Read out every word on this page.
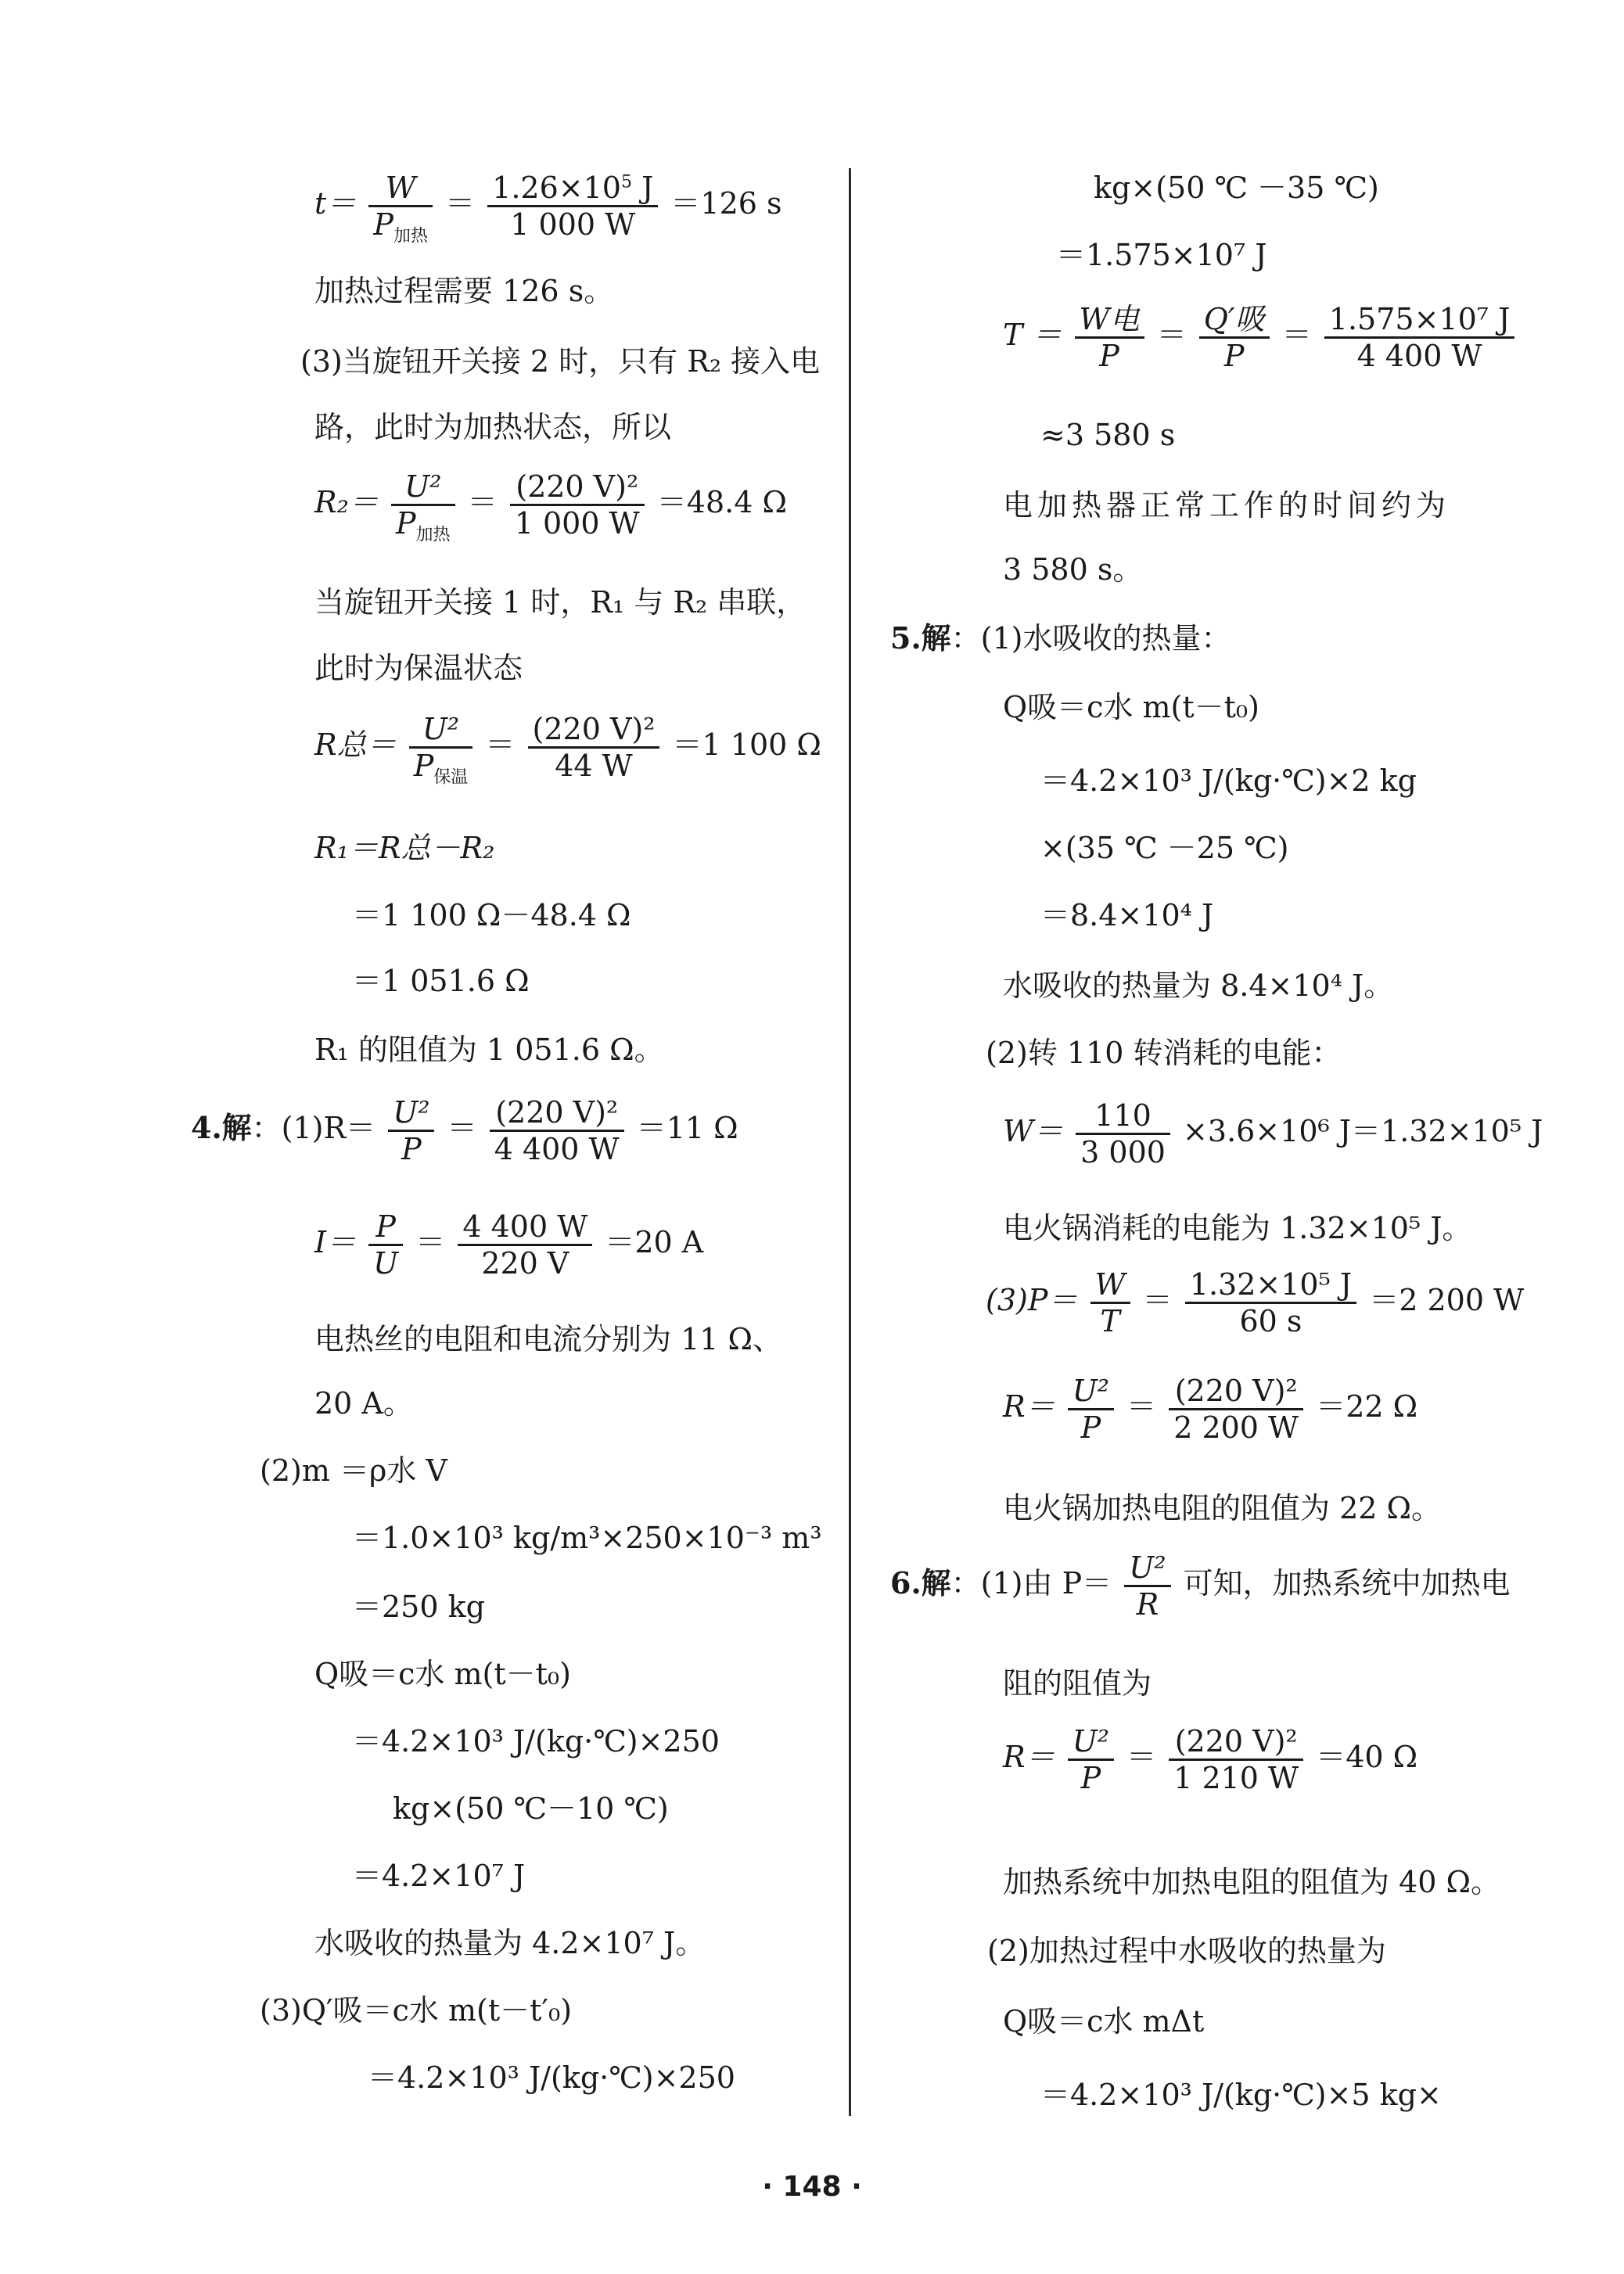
$t= \frac{W}{P_{加热}} = \frac{1.26\times 10^5 J}{1 000 W} =126$ s
加热过程需要 126 s。
(3)当旋钮开关接 2 时，只有 R₂ 接入电
路，此时为加热状态，所以
$R_2= \frac{\text{U²}}{P_{加热}} = \frac{\text{(220 V)²}}{1 000 W} =48.4$ Ω
当旋钮开关接 1 时，R₁ 与 R₂ 串联，
此时为保温状态
R总＝ $\frac{\text{U²}}{P_{保温}} = \frac{\text{(220 V)²}}{44 W} =1$ 100 Ω
R₁＝R总－R₂
＝1 100 Ω－48.4 Ω
＝1 051.6 Ω
R₁ 的阻值为 1 051.6 Ω。
4.解：$(1)R= \frac{\text{U²}}{P} = \frac{\text{(220 V)²}}{4 400 W} =11$ Ω
$I= \frac{P}{U} = \frac{4 400 W}{220 V} =20$ A
电热丝的电阻和电流分别为 11 Ω、
20 A。
(2)m ＝ρ水 V
＝1.0×10³ kg/m³×250×10⁻³ m³
＝250 kg
Q吸＝c水 m(t－t₀)
＝4.2×10³ J/(kg·℃)×250
kg×(50 ℃－10 ℃)
＝4.2×10⁷ J
水吸收的热量为 4.2×10⁷ J。
(3)Q′吸＝c水 m(t－t′₀)
＝4.2×10³ J/(kg·℃)×250
kg×(50 ℃ －35 ℃)
＝1.575×10⁷ J
$T = \frac{\text{W电}}{P} = \frac{\text{Q′吸}}{P} = \frac{\text{1.575×10⁷ J}}{4 400 W}$
≈3 580 s
电加热器正常工作的时间约为
3 580 s。
5.解：(1)水吸收的热量：
Q吸＝c水 m(t－t₀)
＝4.2×10³ J/(kg·℃)×2 kg
×(35 ℃ －25 ℃)
＝8.4×10⁴ J
水吸收的热量为 8.4×10⁴ J。
(2)转 110 转消耗的电能：
$W= \frac{110}{3 000} \times 3.6\times 10^6$ J＝1.32×10⁵ J
电火锅消耗的电能为 1.32×10⁵ J。
$(3)P= \frac{W}{T} = \frac{\text{1.32×10⁵ J}}{60 s} =2$ 200 W
$R= \frac{\text{U²}}{P} = \frac{\text{(220 V)²}}{2 200 W} =22$ Ω
电火锅加热电阻的阻值为 22 Ω。
6.解：(1)由 $P= \frac{\text{U²}}{R}$ 可知，加热系统中加热电
阻的阻值为
$R= \frac{\text{U²}}{P} = \frac{\text{(220 V)²}}{1 210 W} =40$ Ω
加热系统中加热电阻的阻值为 40 Ω。
(2)加热过程中水吸收的热量为
Q吸＝c水 mΔt
＝4.2×10³ J/(kg·℃)×5 kg×
· 148 ·
